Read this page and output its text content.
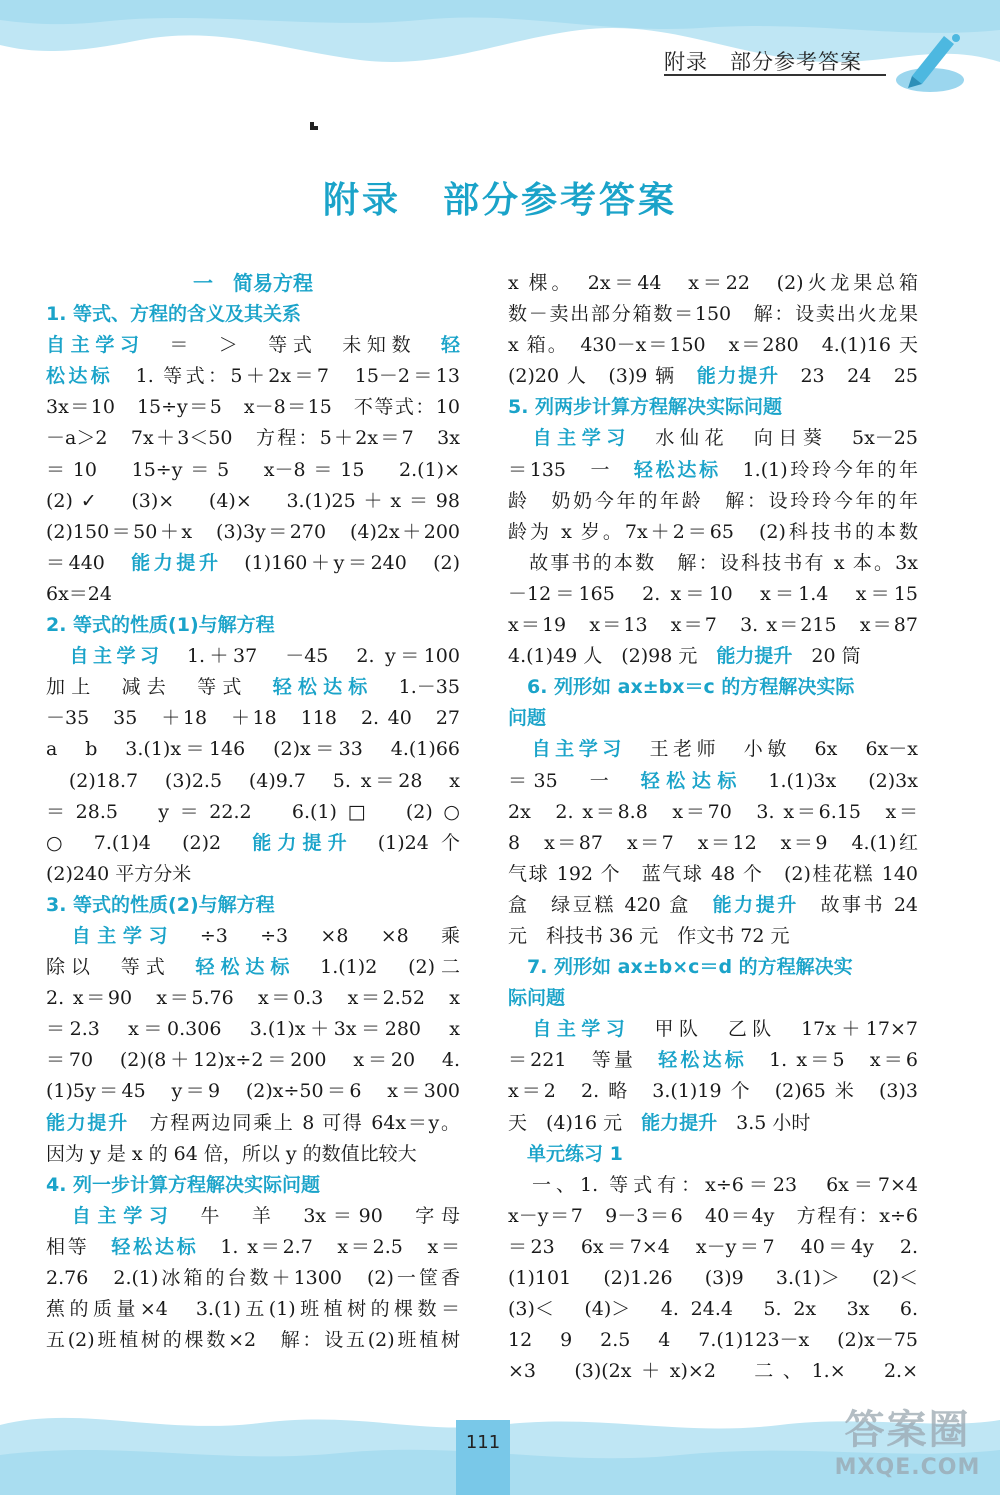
附录 部分参考答案
附录 部分参考答案
一　简易方程
1. 等式、方程的含义及其关系
自主学习　＝　＞　等式　未知数　轻
松达标　1. 等式：5＋2x＝7　15－2＝13
3x＝10　15÷y＝5　x－8＝15　不等式：10
－a＞2　7x＋3＜50　方程：5＋2x＝7　3x
＝10　15÷y＝5　x－8＝15　2.(1)×
(2)✓　(3)×　(4)×　3.(1)25＋x＝98
(2)150＝50＋x　(3)3y＝270　(4)2x＋200
＝440　能力提升　(1)160＋y＝240　(2)
6x＝24
2. 等式的性质(1)与解方程
　自主学习　1.＋37　－45　2. y＝100
加上　减去　等式　轻松达标　1.－35
－35　35　＋18　＋18　118　2. 40　27
a　b　3.(1)x＝146　(2)x＝33　4.(1)66
　(2)18.7　(3)2.5　(4)9.7　5. x＝28　x
＝28.5　y＝22.2　6.(1)□　(2)○
○　7.(1)4　(2)2　能力提升　(1)24 个
(2)240 平方分米
3. 等式的性质(2)与解方程
　自主学习　÷3　÷3　×8　×8　乘
除以　等式　轻松达标　1.(1)2　(2)二
2. x＝90　x＝5.76　x＝0.3　x＝2.52　x
＝2.3　x＝0.306　3.(1)x＋3x＝280　x
＝70　(2)(8＋12)x÷2＝200　x＝20　4.
(1)5y＝45　y＝9　(2)x÷50＝6　x＝300
能力提升　方程两边同乘上 8 可得 64x＝y。
因为 y 是 x 的 64 倍，所以 y 的数值比较大
4. 列一步计算方程解决实际问题
　自主学习　牛　羊　3x＝90　字母
相等　轻松达标　1. x＝2.7　x＝2.5　x＝
2.76　2.(1)冰箱的台数＋1300　(2)一筐香
蕉的质量×4　3.(1)五(1)班植树的棵数＝
五(2)班植树的棵数×2　解：设五(2)班植树
x 棵。　2x＝44　x＝22　(2)火龙果总箱
数－卖出部分箱数＝150　解：设卖出火龙果
x 箱。　430－x＝150　x＝280　4.(1)16 天
(2)20 人　(3)9 辆　能力提升　23　24　25
5. 列两步计算方程解决实际问题
　自主学习　水仙花　向日葵　5x－25
＝135　一　轻松达标　1.(1)玲玲今年的年
龄　奶奶今年的年龄　解：设玲玲今年的年
龄为 x 岁。7x＋2＝65　(2)科技书的本数
　故事书的本数　解：设科技书有 x 本。3x
－12＝165　2. x＝10　x＝1.4　x＝15
x＝19　x＝13　x＝7　3. x＝215　x＝87
4.(1)49 人　(2)98 元　能力提升　20 筒
　6. 列形如 ax±bx＝c 的方程解决实际
问题
　自主学习　王老师　小敏　6x　6x－x
＝35　一　轻松达标　1.(1)3x　(2)3x
2x　2. x＝8.8　x＝70　3. x＝6.15　x＝
8　x＝87　x＝7　x＝12　x＝9　4.(1)红
气球 192 个　蓝气球 48 个　(2)桂花糕 140
盒　绿豆糕 420 盒　能力提升　故事书 24
元　科技书 36 元　作文书 72 元
　7. 列形如 ax±b×c＝d 的方程解决实
际问题
　自主学习　甲队　乙队　17x＋17×7
＝221　等量　轻松达标　1. x＝5　x＝6
x＝2　2. 略　3.(1)19 个　(2)65 米　(3)3
天　(4)16 元　能力提升　3.5 小时
　单元练习 1
　一、1. 等式有：x÷6＝23　6x＝7×4
x－y＝7　9－3＝6　40＝4y　方程有：x÷6
＝23　6x＝7×4　x－y＝7　40＝4y　2.
(1)101　(2)1.26　(3)9　3.(1)＞　(2)＜
(3)＜　(4)＞　4. 24.4　5. 2x　3x　6.
12　9　2.5　4　7.(1)123－x　(2)x－75
×3　(3)(2x＋x)×2　二、1.×　2.×
111	答案圈
MXQE.COM
